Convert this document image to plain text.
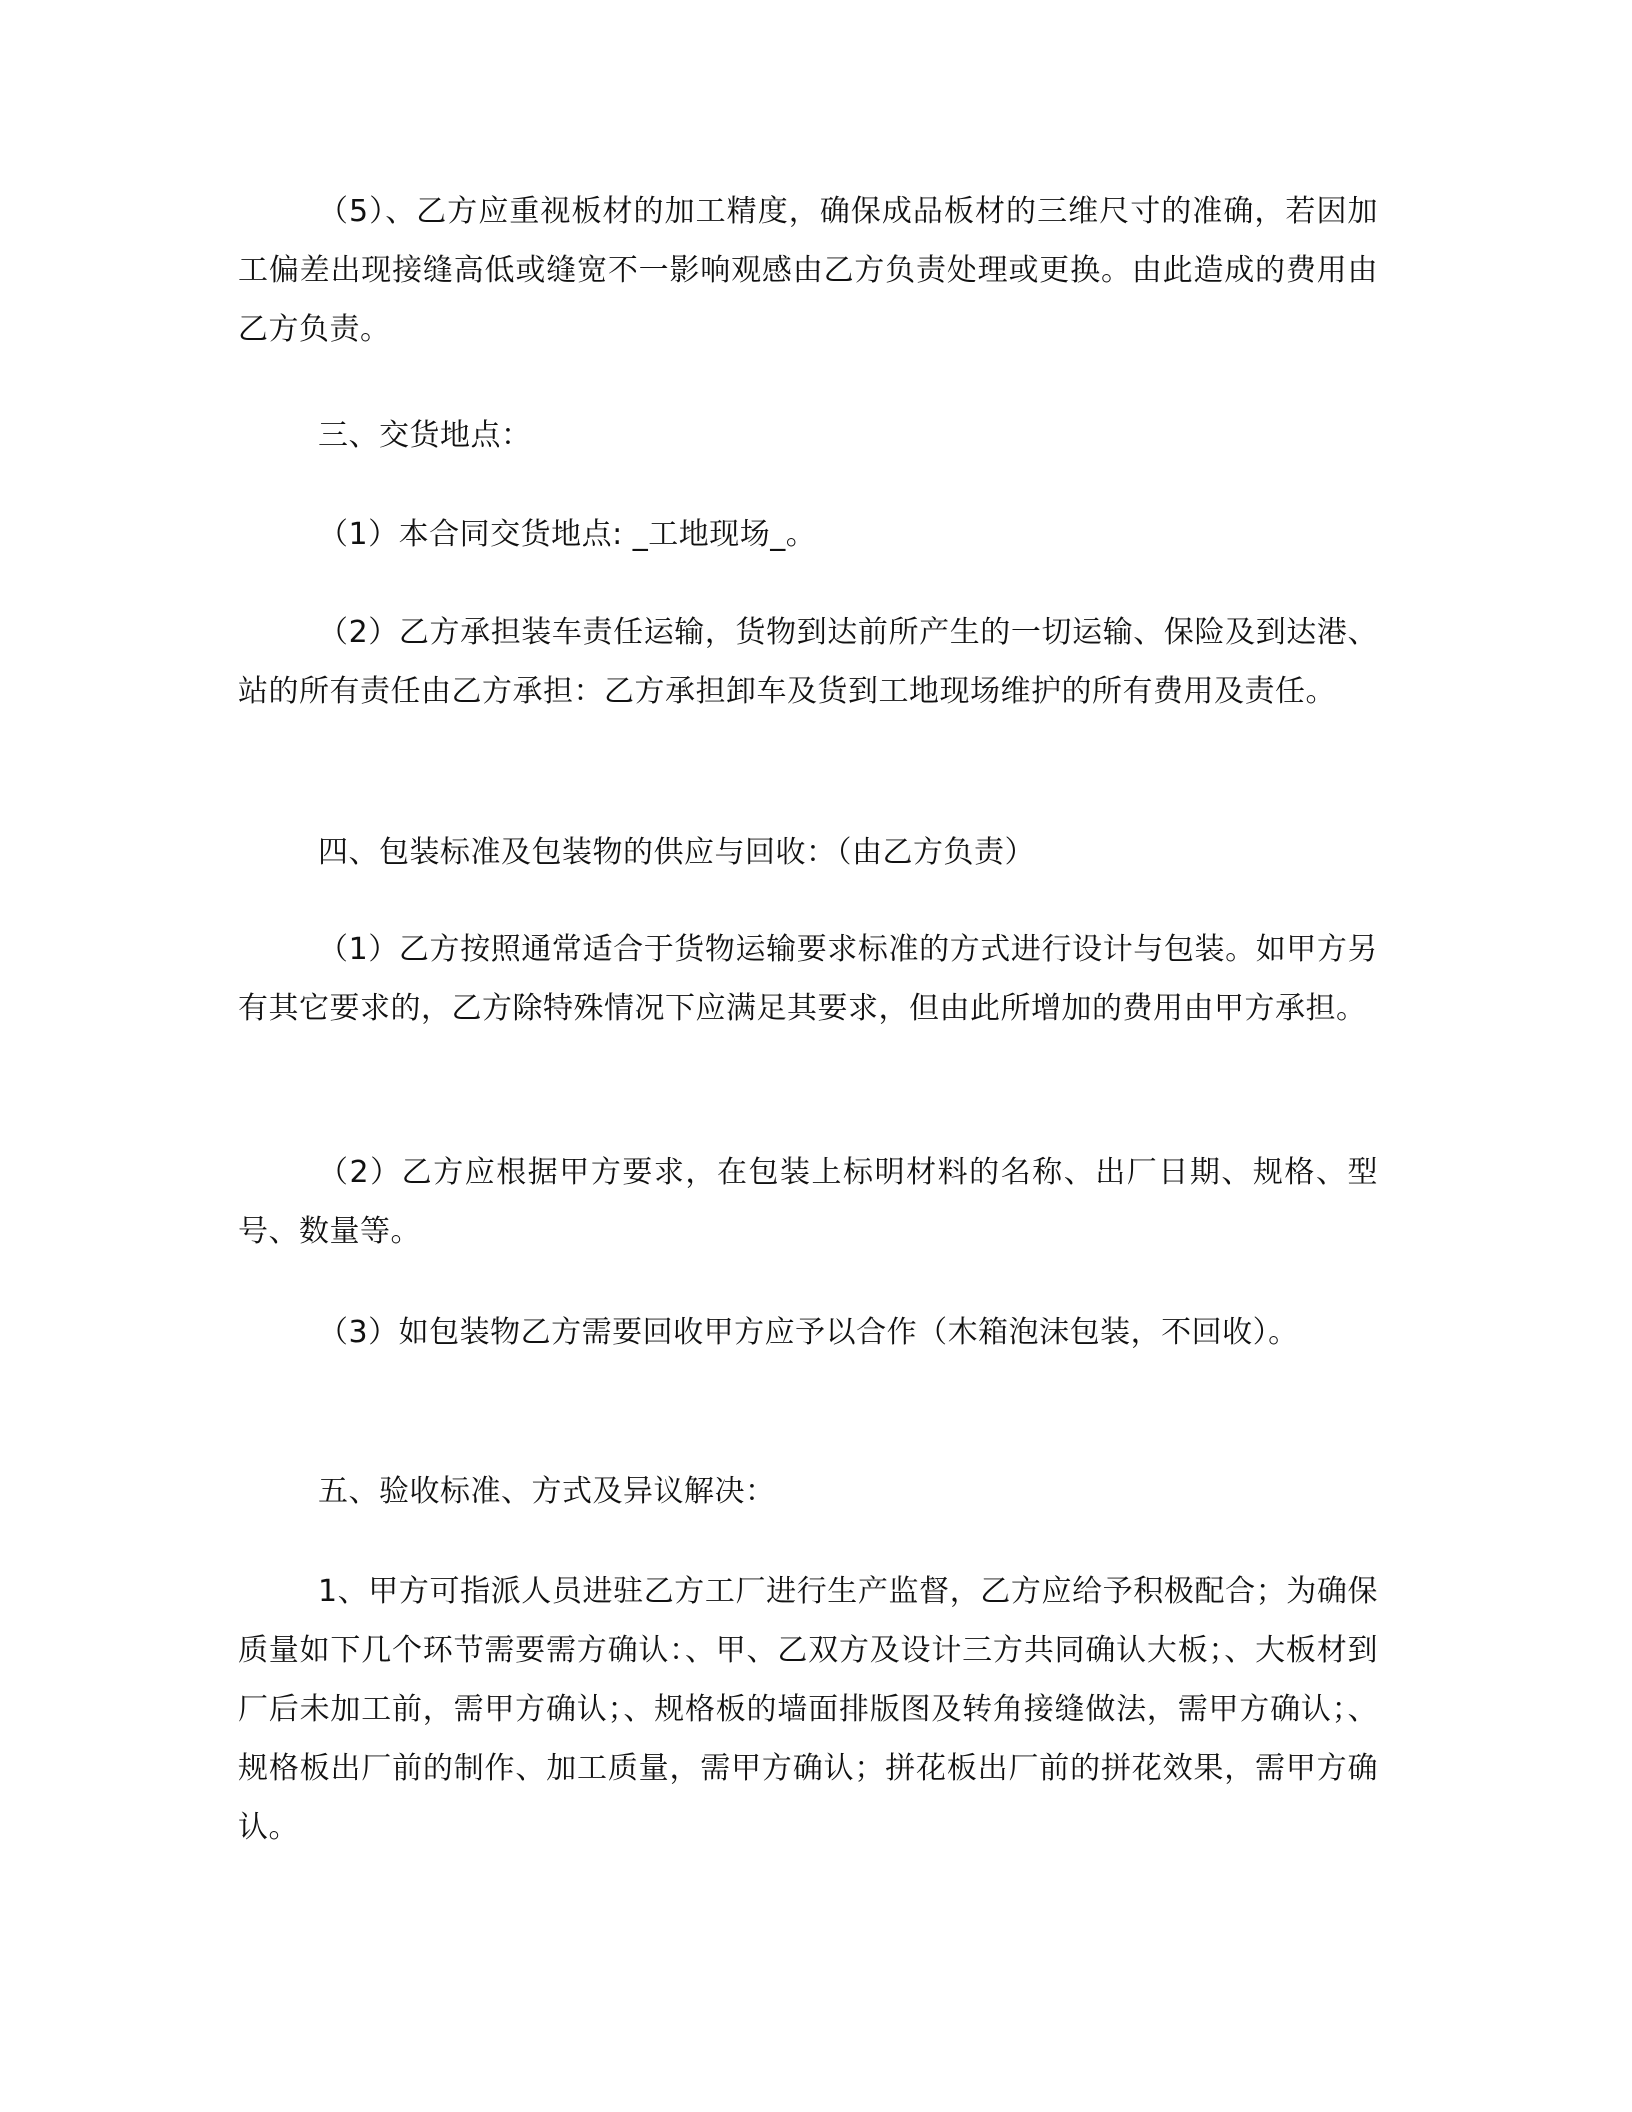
（5）、乙方应重视板材的加工精度，确保成品板材的三维尺寸的准确，若因加工偏差出现接缝高低或缝宽不一影响观感由乙方负责处理或更换。由此造成的费用由乙方负责。

三、交货地点：

（1）本合同交货地点: _工地现场_。

（2）乙方承担装车责任运输，货物到达前所产生的一切运输、保险及到达港、站的所有责任由乙方承担：乙方承担卸车及货到工地现场维护的所有费用及责任。

四、包装标准及包装物的供应与回收：（由乙方负责）

（1）乙方按照通常适合于货物运输要求标准的方式进行设计与包装。如甲方另有其它要求的，乙方除特殊情况下应满足其要求，但由此所增加的费用由甲方承担。

（2）乙方应根据甲方要求，在包装上标明材料的名称、出厂日期、规格、型号、数量等。

（3）如包装物乙方需要回收甲方应予以合作（木箱泡沫包装，不回收）。

五、验收标准、方式及异议解决：

1、甲方可指派人员进驻乙方工厂进行生产监督，乙方应给予积极配合；为确保质量如下几个环节需要需方确认：、甲、乙双方及设计三方共同确认大板；、大板材到厂后未加工前，需甲方确认；、规格板的墙面排版图及转角接缝做法，需甲方确认；、规格板出厂前的制作、加工质量，需甲方确认；拼花板出厂前的拼花效果，需甲方确认。
